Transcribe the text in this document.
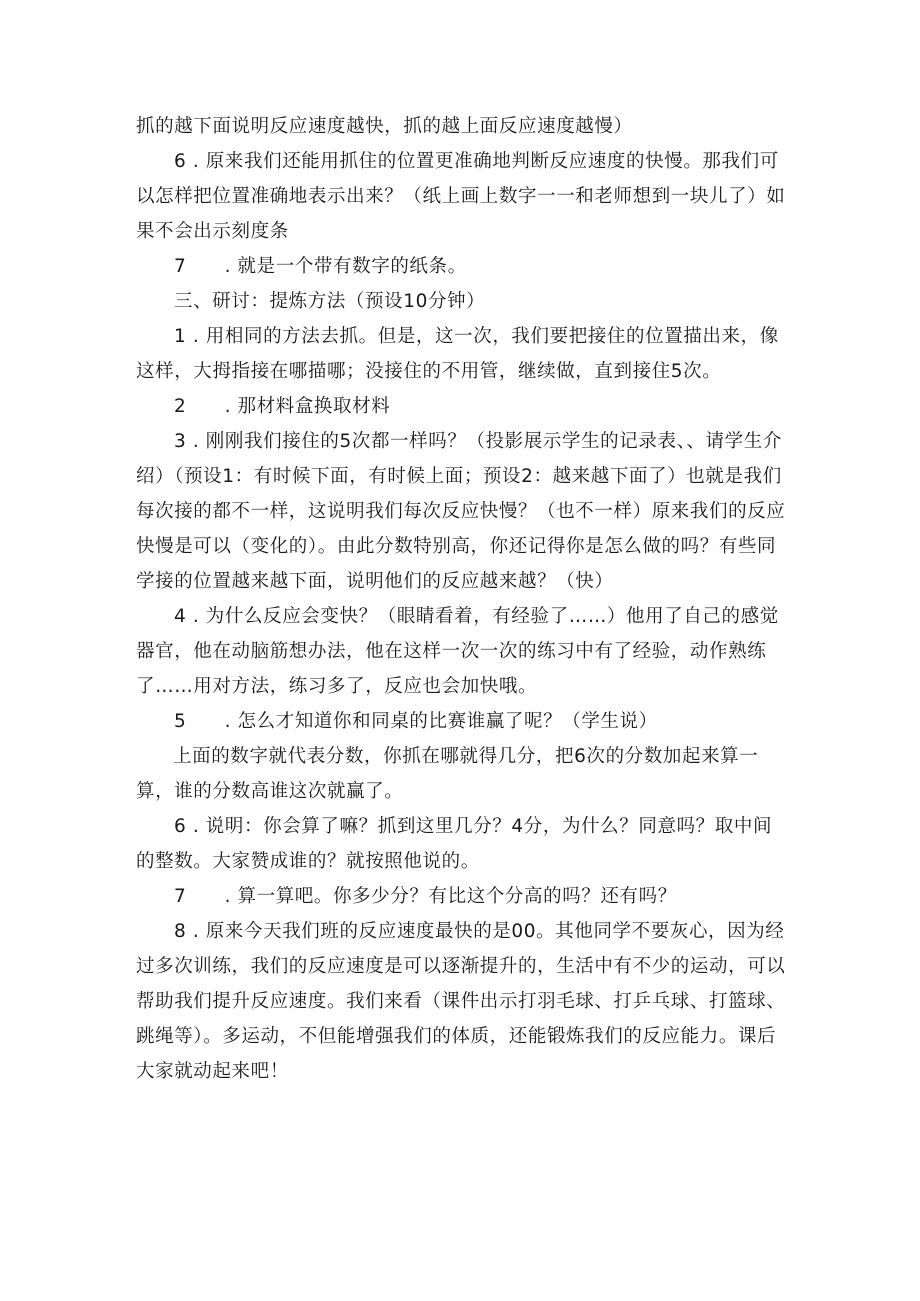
抓的越下面说明反应速度越快，抓的越上面反应速度越慢）

6 . 原来我们还能用抓住的位置更准确地判断反应速度的快慢。那我们可以怎样把位置准确地表示出来？（纸上画上数字一一和老师想到一块儿了）如果不会出示刻度条

7　　. 就是一个带有数字的纸条。

三、研讨：提炼方法（预设10分钟）

1 . 用相同的方法去抓。但是，这一次，我们要把接住的位置描出来，像这样，大拇指接在哪描哪；没接住的不用管，继续做，直到接住5次。

2　　. 那材料盒换取材料

3 . 刚刚我们接住的5次都一样吗？（投影展示学生的记录表、、请学生介绍）（预设1：有时候下面，有时候上面；预设2：越来越下面了）也就是我们每次接的都不一样，这说明我们每次反应快慢？（也不一样）原来我们的反应快慢是可以（变化的）。由此分数特别高，你还记得你是怎么做的吗？有些同学接的位置越来越下面，说明他们的反应越来越？（快）

4 . 为什么反应会变快？（眼睛看着，有经验了……）他用了自己的感觉器官，他在动脑筋想办法，他在这样一次一次的练习中有了经验，动作熟练了……用对方法，练习多了，反应也会加快哦。

5　　. 怎么才知道你和同桌的比赛谁赢了呢？（学生说）

上面的数字就代表分数，你抓在哪就得几分，把6次的分数加起来算一算，谁的分数高谁这次就赢了。

6 . 说明：你会算了嘛？抓到这里几分？4分，为什么？同意吗？取中间的整数。大家赞成谁的？就按照他说的。

7　　. 算一算吧。你多少分？有比这个分高的吗？还有吗？

8 . 原来今天我们班的反应速度最快的是00。其他同学不要灰心，因为经过多次训练，我们的反应速度是可以逐渐提升的，生活中有不少的运动，可以帮助我们提升反应速度。我们来看（课件出示打羽毛球、打乒乓球、打篮球、跳绳等）。多运动，不但能增强我们的体质，还能锻炼我们的反应能力。课后大家就动起来吧！
